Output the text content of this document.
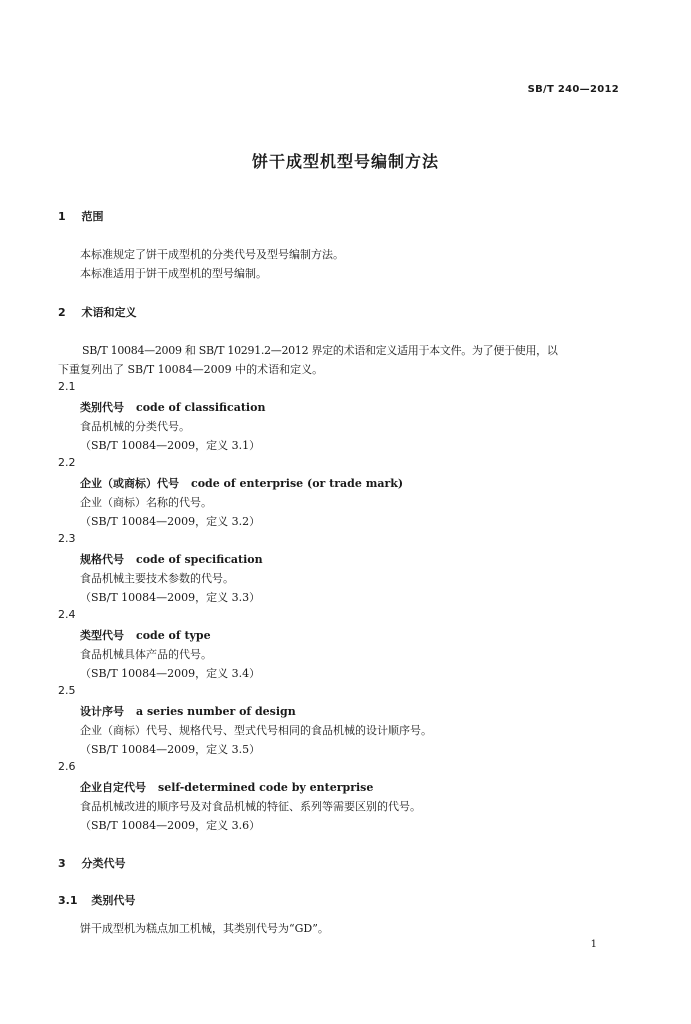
SB/T 240—2012
饼干成型机型号编制方法
1 范围
本标准规定了饼干成型机的分类代号及型号编制方法。
本标准适用于饼干成型机的型号编制。
2 术语和定义
SB/T 10084—2009 和 SB/T 10291.2—2012 界定的术语和定义适用于本文件。为了便于使用，以
下重复列出了 SB/T 10084—2009 中的术语和定义。
2.1
类别代号 code of classification
食品机械的分类代号。
（SB/T 10084—2009，定义 3.1）
2.2
企业（或商标）代号 code of enterprise (or trade mark)
企业（商标）名称的代号。
（SB/T 10084—2009，定义 3.2）
2.3
规格代号 code of specification
食品机械主要技术参数的代号。
（SB/T 10084—2009，定义 3.3）
2.4
类型代号 code of type
食品机械具体产品的代号。
（SB/T 10084—2009，定义 3.4）
2.5
设计序号 a series number of design
企业（商标）代号、规格代号、型式代号相同的食品机械的设计顺序号。
（SB/T 10084—2009，定义 3.5）
2.6
企业自定代号 self-determined code by enterprise
食品机械改进的顺序号及对食品机械的特征、系列等需要区别的代号。
（SB/T 10084—2009，定义 3.6）
3 分类代号
3.1 类别代号
饼干成型机为糕点加工机械，其类别代号为“GD”。
1
